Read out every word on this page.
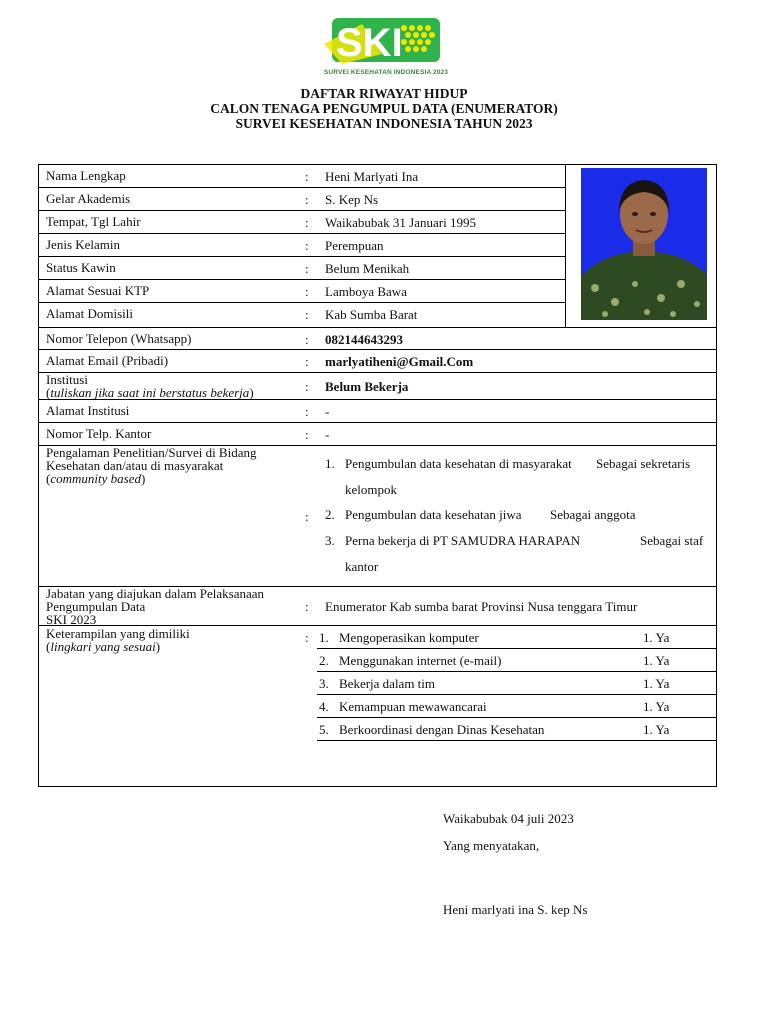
SKI
SURVEI KESEHATAN INDONESIA 2023
DAFTAR RIWAYAT HIDUP
CALON TENAGA PENGUMPUL DATA (ENUMERATOR)
SURVEI KESEHATAN INDONESIA TAHUN 2023
Nama Lengkap	: Heni Marlyati Ina
Gelar Akademis	: S. Kep Ns
Tempat, Tgl Lahir	: Waikabubak 31 Januari 1995
Jenis Kelamin	: Perempuan
Status Kawin	: Belum Menikah
Alamat Sesuai KTP	: Lamboya Bawa
Alamat Domisili	: Kab Sumba Barat
Nomor Telepon (Whatsapp)	: 082144643293
Alamat Email (Pribadi)	: marlyatiheni@Gmail.Com
Institusi
(tuliskan jika saat ini berstatus bekerja)	: Belum Bekerja
Alamat Institusi	: -
Nomor Telp. Kantor	: -
Pengalaman Penelitian/Survei di Bidang
Kesehatan dan/atau di masyarakat
(community based)
:
1. Pengumbulan data kesehatan di masyarakat Sebagai sekretaris
kelompok
2. Pengumbulan data kesehatan jiwa Sebagai anggota
3. Perna bekerja di PT SAMUDRA HARAPAN	Sebagai staf
kantor
Jabatan yang diajukan dalam Pelaksanaan
Pengumpulan Data
SKI 2023
: Enumerator Kab sumba barat Provinsi Nusa tenggara Timur
Keterampilan yang dimiliki
(lingkari yang sesuai)
: 1. Mengoperasikan komputer	1. Ya
2. Menggunakan internet (e-mail)	1. Ya
3. Bekerja dalam tim	1. Ya
4. Kemampuan mewawancarai	1. Ya
5. Berkoordinasi dengan Dinas Kesehatan	1. Ya
Waikabubak 04 juli 2023
Yang menyatakan,
Heni marlyati ina S. kep Ns
